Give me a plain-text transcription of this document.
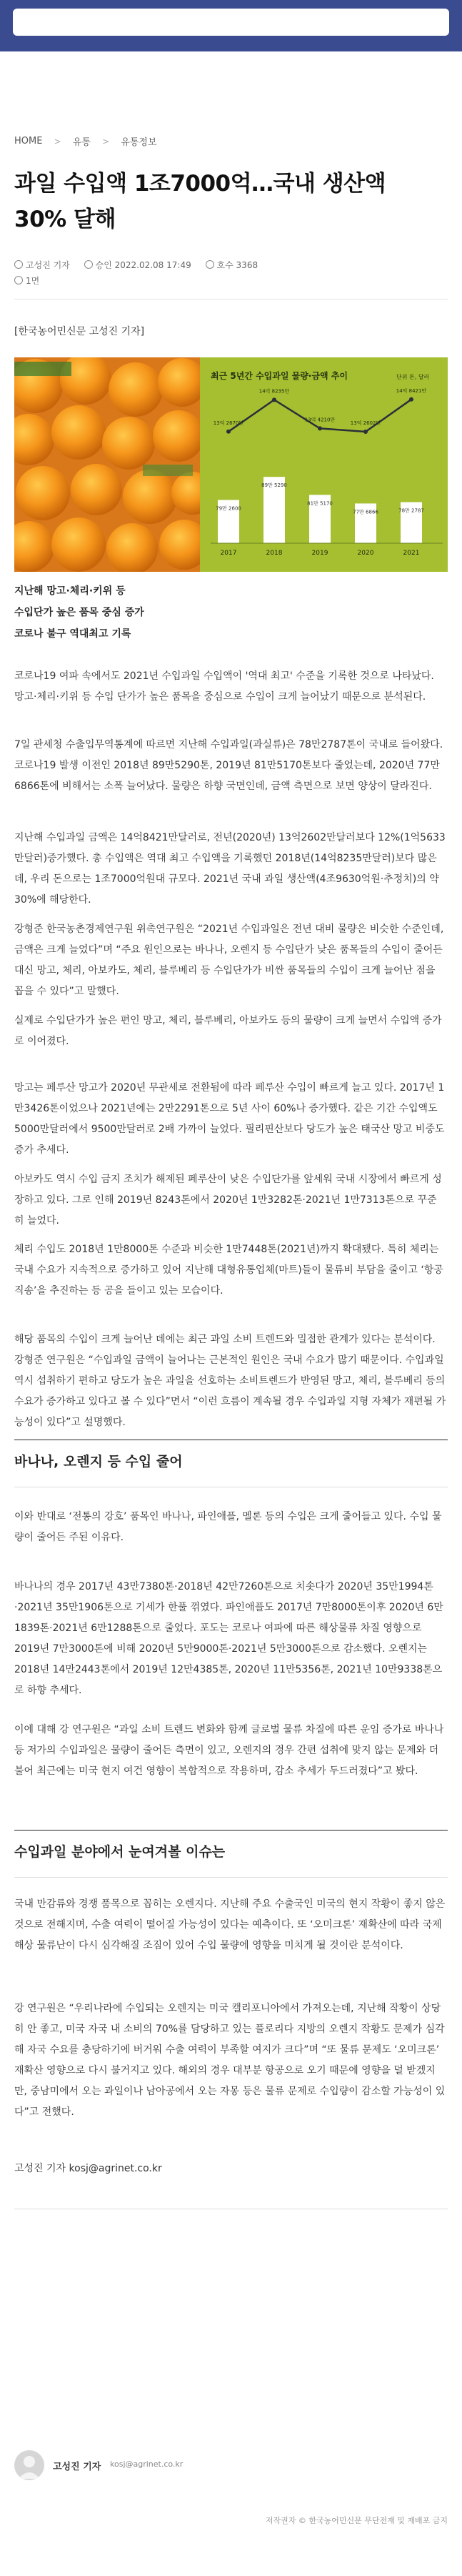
HOME > 유통 > 유통정보
과일 수입액 1조7000억…국내 생산액 30% 달해
고성진 기자	승인 2022.02.08 17:49	호수 3368
1면

[한국농어민신문 고성진 기자]

최근 5년간 수입과일 물량·금액 추이	단위 톤, 달러
79만 2600
2017
89만 5290
2018
81만 5170
2019
77만 6866
2020
78만 2787
2021
13억 2670만
14억 8235만
13억 4210만
13억 2602만
14억 8421만

지난해 망고·체리·키위 등

수입단가 높은 품목 중심 증가

코로나 불구 역대최고 기록

코로나19 여파 속에서도 2021년 수입과일 수입액이 '역대 최고' 수준을 기록한 것으로 나타났다. 망고·체리·키위 등 수입 단가가 높은 품목을 중심으로 수입이 크게 늘어났기 때문으로 분석된다.

7일 관세청 수출입무역통계에 따르면 지난해 수입과일(과실류)은 78만2787톤이 국내로 들어왔다. 코로나19 발생 이전인 2018년 89만5290톤, 2019년 81만5170톤보다 줄었는데, 2020년 77만6866톤에 비해서는 소폭 늘어났다. 물량은 하향 국면인데, 금액 측면으로 보면 양상이 달라진다.

지난해 수입과일 금액은 14억8421만달러로, 전년(2020년) 13억2602만달러보다 12%(1억5633만달러)증가했다. 총 수입액은 역대 최고 수입액을 기록했던 2018년(14억8235만달러)보다 많은데, 우리 돈으로는 1조7000억원대 규모다. 2021년 국내 과일 생산액(4조9630억원·추정치)의 약 30%에 해당한다.

강형준 한국농촌경제연구원 위촉연구원은 “2021년 수입과일은 전년 대비 물량은 비슷한 수준인데, 금액은 크게 늘었다”며 “주요 원인으로는 바나나, 오렌지 등 수입단가 낮은 품목들의 수입이 줄어든 대신 망고, 체리, 아보카도, 체리, 블루베리 등 수입단가가 비싼 품목들의 수입이 크게 늘어난 점을 꼽을 수 있다”고 말했다.

실제로 수입단가가 높은 편인 망고, 체리, 블루베리, 아보카도 등의 물량이 크게 늘면서 수입액 증가로 이어졌다.

망고는 페루산 망고가 2020년 무관세로 전환됨에 따라 페루산 수입이 빠르게 늘고 있다. 2017년 1만3426톤이었으나 2021년에는 2만2291톤으로 5년 사이 60%나 증가했다. 같은 기간 수입액도 5000만달러에서 9500만달러로 2배 가까이 늘었다. 필리핀산보다 당도가 높은 태국산 망고 비중도 증가 추세다.

아보카도 역시 수입 금지 조치가 해제된 페루산이 낮은 수입단가를 앞세워 국내 시장에서 빠르게 성장하고 있다. 그로 인해 2019년 8243톤에서 2020년 1만3282톤·2021년 1만7313톤으로 꾸준히 늘었다.

체리 수입도 2018년 1만8000톤 수준과 비슷한 1만7448톤(2021년)까지 확대됐다. 특히 체리는 국내 수요가 지속적으로 증가하고 있어 지난해 대형유통업체(마트)들이 물류비 부담을 줄이고 ‘항공 직송’을 추진하는 등 공을 들이고 있는 모습이다.

해당 품목의 수입이 크게 늘어난 데에는 최근 과일 소비 트렌드와 밀접한 관계가 있다는 분석이다. 강형준 연구원은 “수입과일 금액이 늘어나는 근본적인 원인은 국내 수요가 많기 때문이다. 수입과일 역시 섭취하기 편하고 당도가 높은 과일을 선호하는 소비트렌드가 반영된 망고, 체리, 블루베리 등의 수요가 증가하고 있다고 볼 수 있다”면서 “이런 흐름이 계속될 경우 수입과일 지형 자체가 재편될 가능성이 있다”고 설명했다.

바나나, 오렌지 등 수입 줄어

이와 반대로 ‘전통의 강호’ 품목인 바나나, 파인애플, 멜론 등의 수입은 크게 줄어들고 있다. 수입 물량이 줄어든 주된 이유다.

바나나의 경우 2017년 43만7380톤·2018년 42만7260톤으로 치솟다가 2020년 35만1994톤·2021년 35만1906톤으로 기세가 한풀 꺾였다. 파인애플도 2017년 7만8000톤이후 2020년 6만1839톤·2021년 6만1288톤으로 줄었다. 포도는 코로나 여파에 따른 해상물류 차질 영향으로 2019년 7만3000톤에 비해 2020년 5만9000톤·2021년 5만3000톤으로 감소했다. 오렌지는 2018년 14만2443톤에서 2019년 12만4385톤, 2020년 11만5356톤, 2021년 10만9338톤으로 하향 추세다.

이에 대해 강 연구원은 “과일 소비 트렌드 변화와 함께 글로벌 물류 차질에 따른 운임 증가로 바나나 등 저가의 수입과일은 물량이 줄어든 측면이 있고, 오렌지의 경우 간편 섭취에 맞지 않는 문제와 더불어 최근에는 미국 현지 여건 영향이 복합적으로 작용하며, 감소 추세가 두드러졌다”고 봤다.

수입과일 분야에서 눈여겨볼 이슈는

국내 만감류와 경쟁 품목으로 꼽히는 오렌지다. 지난해 주요 수출국인 미국의 현지 작황이 좋지 않은 것으로 전해지며, 수출 여력이 떨어질 가능성이 있다는 예측이다. 또 ‘오미크론’ 재확산에 따라 국제 해상 물류난이 다시 심각해질 조짐이 있어 수입 물량에 영향을 미치게 될 것이란 분석이다.

강 연구원은 “우리나라에 수입되는 오렌지는 미국 캘리포니아에서 가져오는데, 지난해 작황이 상당히 안 좋고, 미국 자국 내 소비의 70%를 담당하고 있는 플로리다 지방의 오렌지 작황도 문제가 심각해 자국 수요를 충당하기에 버거워 수출 여력이 부족할 여지가 크다”며 “또 물류 문제도 ‘오미크론’ 재확산 영향으로 다시 불거지고 있다. 해외의 경우 대부분 항공으로 오기 때문에 영향을 덜 받겠지만, 중남미에서 오는 과일이나 남아공에서 오는 자몽 등은 물류 문제로 수입량이 감소할 가능성이 있다”고 전했다.

고성진 기자 kosj@agrinet.co.kr

고성진 기자 kosj@agrinet.co.kr
저작권자 © 한국농어민신문 무단전재 및 재배포 금지
